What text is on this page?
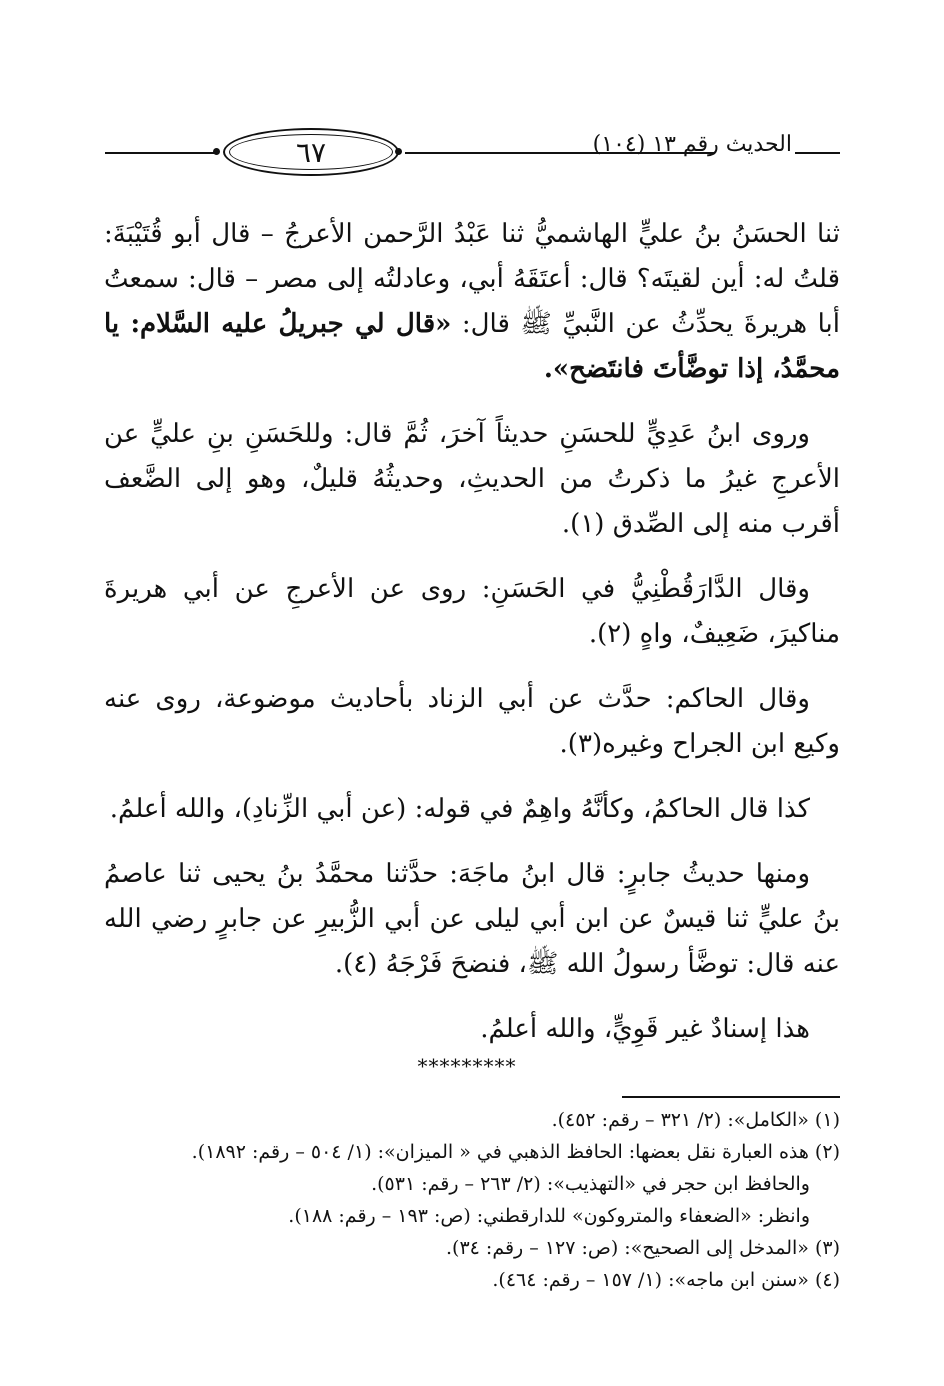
٦٧	الحديث رقم ١٣ (١٠٤)

ثنا الحسَنُ بنُ عليٍّ الهاشميُّ ثنا عَبْدُ الرَّحمن الأعرجُ – قال أبو قُتَيْبَةَ: قلتُ له: أين لقيتَه؟ قال: أعتَقَهُ أبي، وعادلتُه إلى مصر – قال: سمعتُ أبا هريرةَ يحدِّثُ عن النَّبيِّ ﷺ قال: «قال لي جبريلُ عليه السَّلام: يا محمَّدُ، إذا توضَّأتَ فانتَضح».

وروى ابنُ عَدِيٍّ للحسَنِ حديثاً آخرَ، ثُمَّ قال: وللحَسَنِ بنِ عليٍّ عن الأعرجِ غيرُ ما ذكرتُ من الحديثِ، وحديثُهُ قليلٌ، وهو إلى الضَّعف أقرب منه إلى الصِّدق (١).

وقال الدَّارَقُطْنِيُّ في الحَسَنِ: روى عن الأعرجِ عن أبي هريرةَ مناكيرَ، ضَعِيفٌ، واهٍ (٢).

وقال الحاكم: حدَّث عن أبي الزناد بأحاديث موضوعة، روى عنه وكيع ابن الجراح وغيره(٣).

كذا قال الحاكمُ، وكأنَّهُ واهِمٌ في قوله: (عن أبي الزِّنادِ)، والله أعلمُ.

ومنها حديثُ جابرٍ: قال ابنُ ماجَهَ: حدَّثنا محمَّدُ بنُ يحيى ثنا عاصمُ بنُ عليٍّ ثنا قيسٌ عن ابن أبي ليلى عن أبي الزُّبيرِ عن جابرٍ رضي الله عنه قال: توضَّأ رسولُ الله ﷺ، فنضحَ فَرْجَهُ (٤).

هذا إسنادٌ غير قَوِيٍّ، والله أعلمُ.

*********

(١) «الكامل»: (٢/ ٣٢١ – رقم: ٤٥٢).

(٢) هذه العبارة نقل بعضها: الحافظ الذهبي في « الميزان»: (١/ ٥٠٤ – رقم: ١٨٩٢).

والحافظ ابن حجر في «التهذيب»: (٢/ ٢٦٣ – رقم: ٥٣١).

وانظر: «الضعفاء والمتروكون» للدارقطني: (ص: ١٩٣ – رقم: ١٨٨).

(٣) «المدخل إلى الصحيح»: (ص: ١٢٧ – رقم: ٣٤).

(٤) «سنن ابن ماجه»: (١/ ١٥٧ – رقم: ٤٦٤).
